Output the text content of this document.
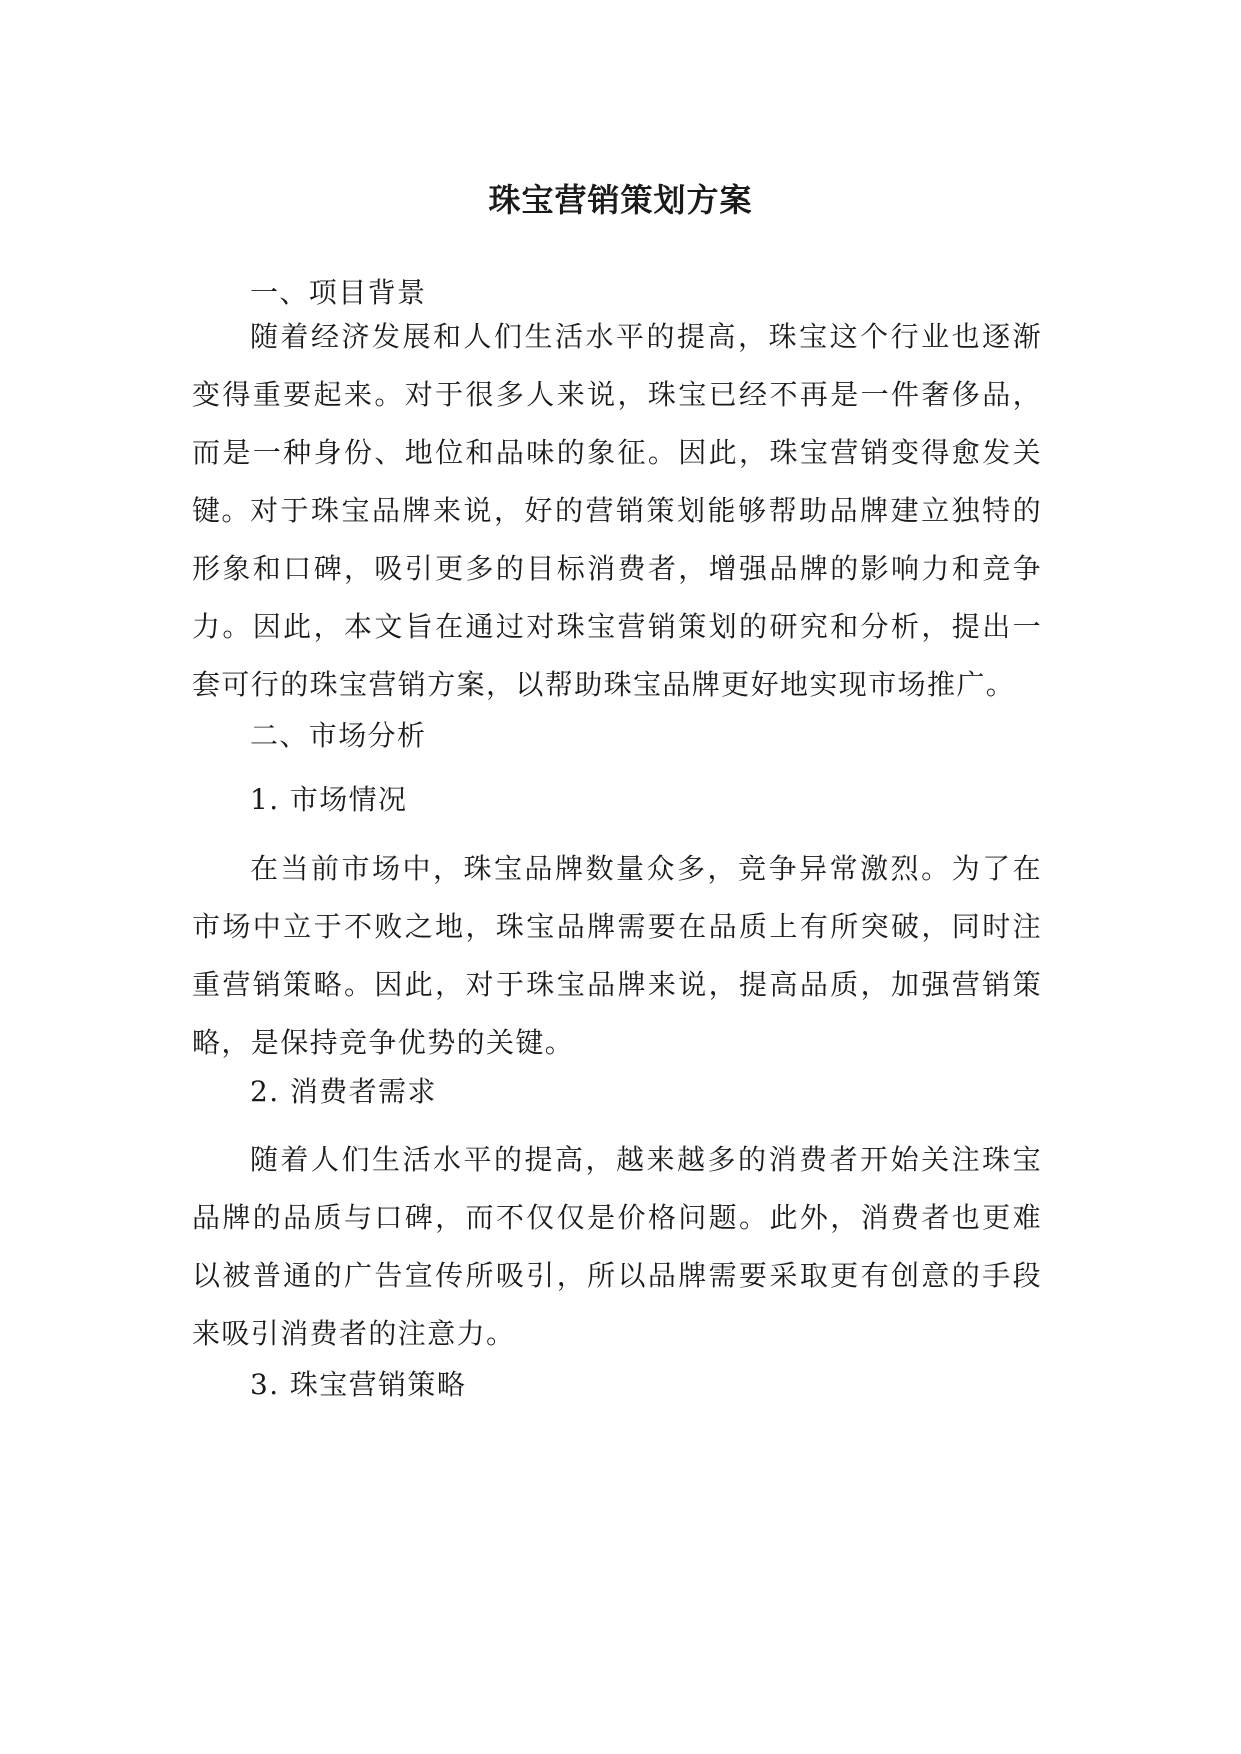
珠宝营销策划方案

一、项目背景

随着经济发展和人们生活水平的提高，珠宝这个行业也逐渐变得重要起来。对于很多人来说，珠宝已经不再是一件奢侈品，而是一种身份、地位和品味的象征。因此，珠宝营销变得愈发关键。 对于珠宝品牌来说，好的营销策划能够帮助品牌建立独特的形象和口碑，吸引更多的目标消费者，增强品牌的影响力和竞争力。因此，本文旨在通过对珠宝营销策划的研究和分析，提出一套可行的珠宝营销方案，以帮助珠宝品牌更好地实现市场推广。

二、市场分析

1. 市场情况

在当前市场中，珠宝品牌数量众多，竞争异常激烈。为了在市场中立于不败之地，珠宝品牌需要在品质上有所突破，同时注重营销策略。因此，对于珠宝品牌来说，提高品质，加强营销策略，是保持竞争优势的关键。

2. 消费者需求

随着人们生活水平的提高，越来越多的消费者开始关注珠宝品牌的品质与口碑，而不仅仅是价格问题。此外，消费者也更难以被普通的广告宣传所吸引，所以品牌需要采取更有创意的手段来吸引消费者的注意力。

3. 珠宝营销策略
